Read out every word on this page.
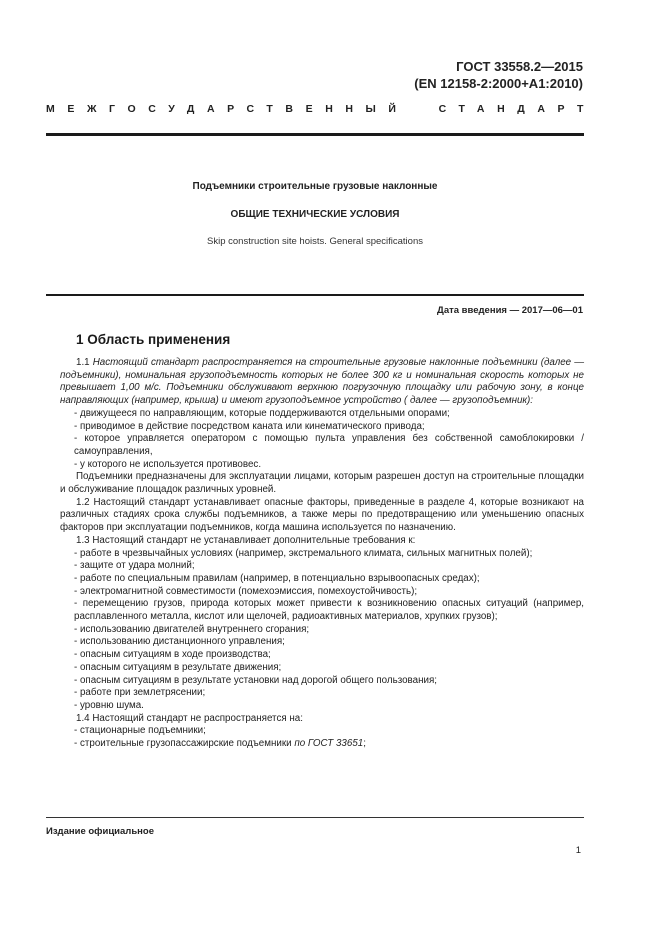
ГОСТ 33558.2—2015
(EN 12158-2:2000+A1:2010)
МЕЖГОСУДАРСТВЕННЫЙ	СТАНДАРТ
Подъемники строительные грузовые наклонные
ОБЩИЕ ТЕХНИЧЕСКИЕ УСЛОВИЯ
Skip construction site hoists. General specifications
Дата введения — 2017—06—01
1 Область применения

1.1 Настоящий стандарт распространяется на строительные грузовые наклонные подъемники (далее — подъемники), номинальная грузоподъемность которых не более 300 кг и номинальная скорость которых не превышает 1,00 м/с. Подъемники обслуживают верхнюю погрузочную площадку или рабочую зону, в конце направляющих (например, крыша) и имеют грузоподъемное устройство ( далее — грузоподъемник):

- движущееся по направляющим, которые поддерживаются отдельными опорами;

- приводимое в действие посредством каната или кинематического привода;

- которое управляется оператором с помощью пульта управления без собственной самоблокировки /самоуправления,

- у которого не используется противовес.

Подъемники предназначены для эксплуатации лицами, которым разрешен доступ на строительные площадки и обслуживание площадок различных уровней.

1.2 Настоящий стандарт устанавливает опасные факторы, приведенные в разделе 4, которые возникают на различных стадиях срока службы подъемников, а также меры по предотвращению или уменьшению опасных факторов при эксплуатации подъемников, когда машина используется по назначению.

1.3 Настоящий стандарт не устанавливает дополнительные требования к:

- работе в чрезвычайных условиях (например, экстремального климата, сильных магнитных полей);

- защите от удара молний;

- работе по специальным правилам (например, в потенциально взрывоопасных средах);

- электромагнитной совместимости (помехоэмиссия, помехоустойчивость);

- перемещению грузов, природа которых может привести к возникновению опасных ситуаций (например, расплавленного металла, кислот или щелочей, радиоактивных материалов, хрупких грузов);

- использованию двигателей внутреннего сгорания;

- использованию дистанционного управления;

- опасным ситуациям в ходе производства;

- опасным ситуациям в результате движения;

- опасным ситуациям в результате установки над дорогой общего пользования;

- работе при землетрясении;

- уровню шума.

1.4 Настоящий стандарт не распространяется на:

- стационарные подъемники;

- строительные грузопассажирские подъемники по ГОСТ 33651;

Издание официальное
1
